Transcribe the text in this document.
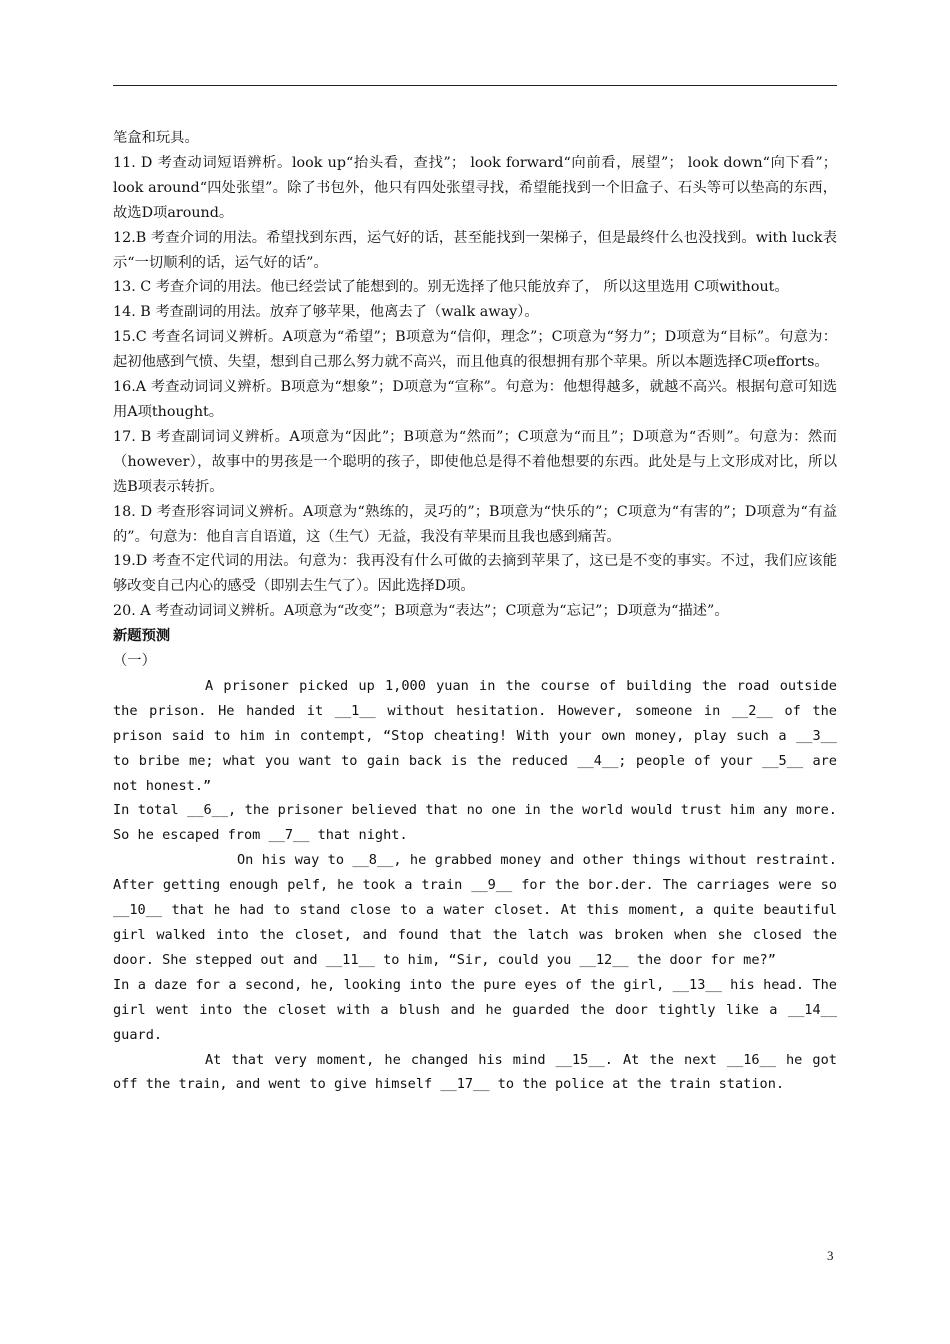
笔盒和玩具。

11. D 考查动词短语辨析。look up“抬头看，查找”； look forward“向前看，展望”； look down“向下看”；look around“四处张望”。除了书包外，他只有四处张望寻找，希望能找到一个旧盒子、石头等可以垫高的东西， 故选D项around。

12.B 考查介词的用法。希望找到东西，运气好的话，甚至能找到一架梯子，但是最终什么也没找到。with luck表示“一切顺利的话，运气好的话”。

13. C 考查介词的用法。他已经尝试了能想到的。别无选择了他只能放弃了， 所以这里选用 C项without。

14. B 考查副词的用法。放弃了够苹果，他离去了（walk away）。

15.C 考查名词词义辨析。A项意为“希望”；B项意为“信仰，理念”；C项意为“努力”；D项意为“目标”。句意为：起初他感到气愤、失望，想到自己那么努力就不高兴，而且他真的很想拥有那个苹果。所以本题选择C项efforts。

16.A 考查动词词义辨析。B项意为“想象”；D项意为“宣称”。句意为：他想得越多，就越不高兴。根据句意可知选用A项thought。

17. B 考查副词词义辨析。A项意为“因此”；B项意为“然而”；C项意为“而且”；D项意为“否则”。句意为：然而（however），故事中的男孩是一个聪明的孩子，即使他总是得不着他想要的东西。此处是与上文形成对比，所以选B项表示转折。

18. D 考查形容词词义辨析。A项意为“熟练的，灵巧的”；B项意为“快乐的”；C项意为“有害的”；D项意为“有益的”。句意为：他自言自语道，这（生气）无益，我没有苹果而且我也感到痛苦。

19.D 考查不定代词的用法。句意为：我再没有什么可做的去摘到苹果了，这已是不变的事实。不过，我们应该能够改变自己内心的感受（即别去生气了）。因此选择D项。

20. A 考查动词词义辨析。A项意为“改变”；B项意为“表达”；C项意为“忘记”；D项意为“描述”。

新题预测

（一）

A prisoner picked up 1,000 yuan in the course of building the road outside the prison. He handed it __1__ without hesitation. However, someone in __2__ of the prison said to him in contempt, “Stop cheating! With your own money, play such a __3__ to bribe me; what you want to gain back is the reduced __4__; people of your __5__ are not honest.”

In total __6__, the prisoner believed that no one in the world would trust him any more. So he escaped from __7__ that night.

On his way to __8__, he grabbed money and other things without restraint. After getting enough pelf, he took a train __9__ for the bor.der. The carriages were so __10__ that he had to stand close to a water closet. At this moment, a quite beautiful girl walked into the closet, and found that the latch was broken when she closed the door. She stepped out and __11__ to him, “Sir, could you __12__ the door for me?”

In a daze for a second, he, looking into the pure eyes of the girl, __13__ his head. The girl went into the closet with a blush and he guarded the door tightly like a __14__ guard.

At that very moment, he changed his mind __15__. At the next __16__ he got off the train, and went to give himself __17__ to the police at the train station.

3
